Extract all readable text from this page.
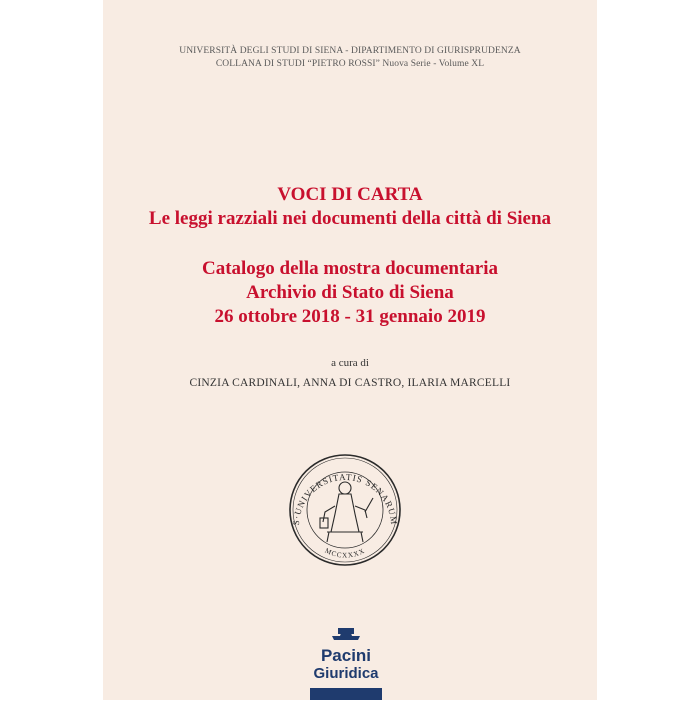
UNIVERSITÀ DEGLI STUDI DI SIENA - DIPARTIMENTO DI GIURISPRUDENZA
COLLANA DI STUDI “PIETRO ROSSI” Nuova Serie - Volume XL
VOCI DI CARTA
Le leggi razziali nei documenti della città di Siena
Catalogo della mostra documentaria
Archivio di Stato di Siena
26 ottobre 2018 - 31 gennaio 2019
a cura di
CINZIA CARDINALI, ANNA DI CASTRO, ILARIA MARCELLI
S·UNIVERSITATIS SENARUM
MCCXXXX
Pacini
Giuridica
